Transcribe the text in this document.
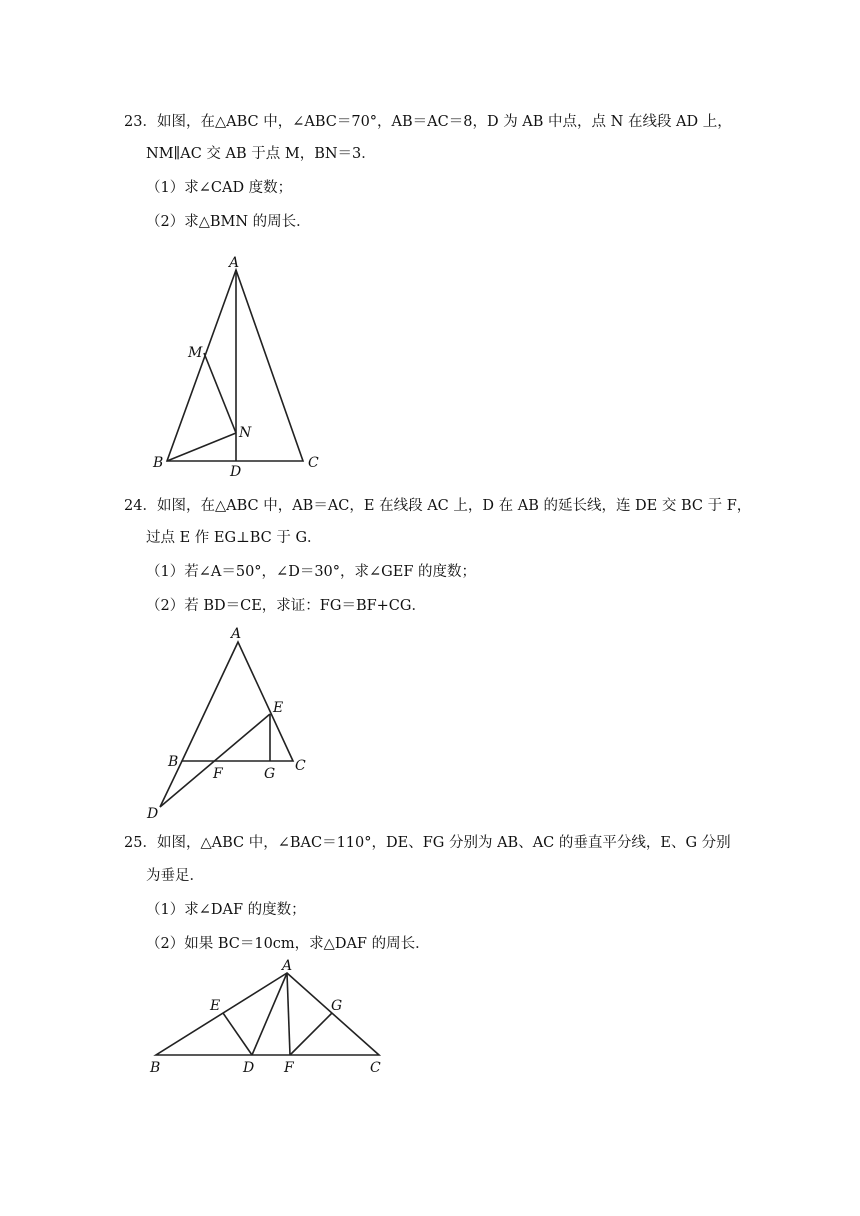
23．如图，在△ABC 中，∠ABC＝70°，AB＝AC＝8，D 为 AB 中点，点 N 在线段 AD 上，
NM∥AC 交 AB 于点 M，BN＝3．
（1）求∠CAD 度数；
（2）求△BMN 的周长．
A
M
N
B
D
C
24．如图，在△ABC 中，AB＝AC，E 在线段 AC 上，D 在 AB 的延长线，连 DE 交 BC 于 F，
过点 E 作 EG⊥BC 于 G．
（1）若∠A＝50°，∠D＝30°，求∠GEF 的度数；
（2）若 BD＝CE，求证：FG＝BF+CG．
A
E
B
F	G C
D
25．如图，△ABC 中，∠BAC＝110°，DE、FG 分别为 AB、AC 的垂直平分线，E、G 分别
为垂足．
（1）求∠DAF 的度数；
（2）如果 BC＝10cm，求△DAF 的周长．
A
E	G
B	D F	C
